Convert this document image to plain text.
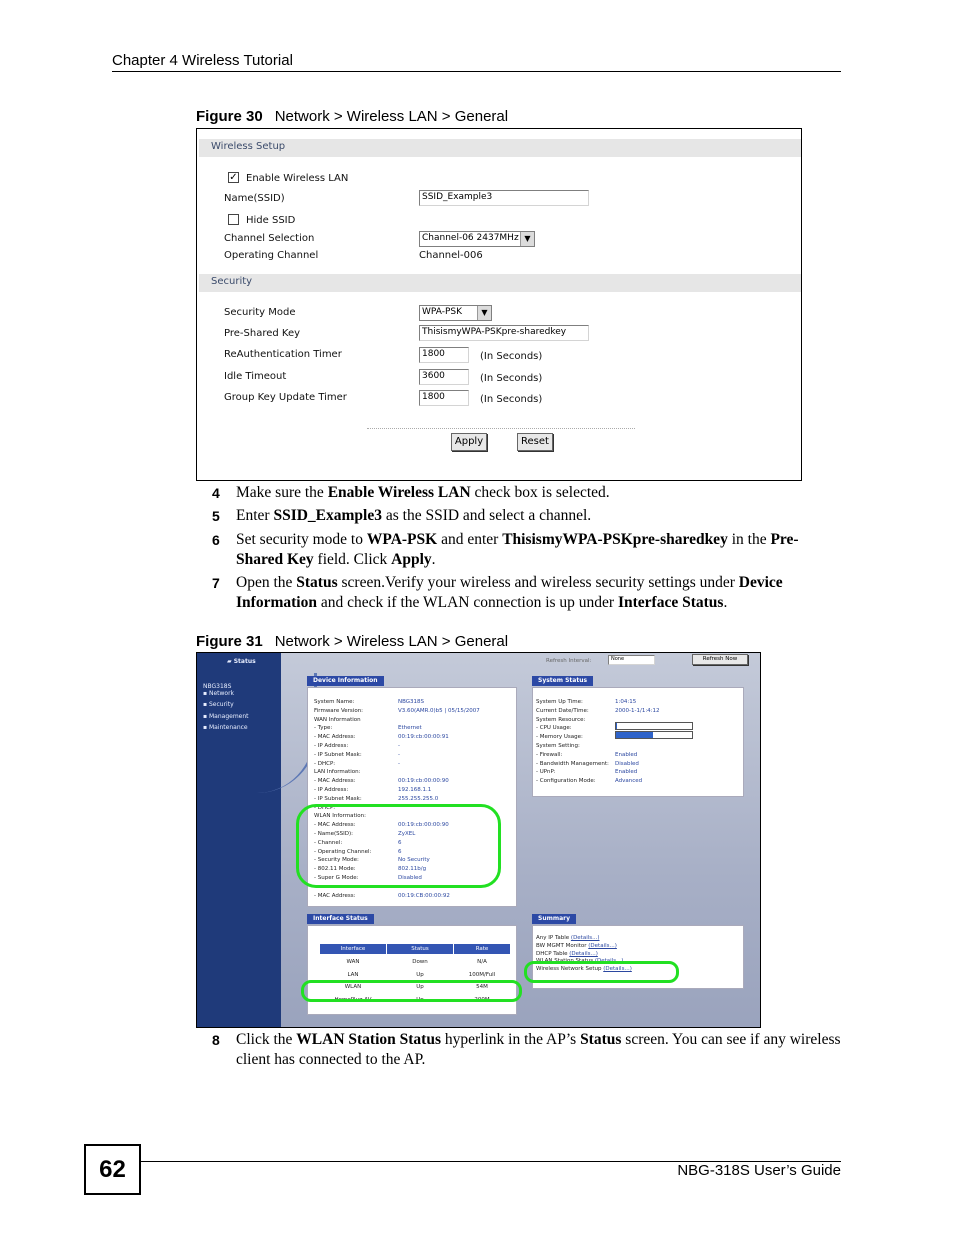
Chapter 4 Wireless Tutorial
Figure 30 Network > Wireless LAN > General
Wireless Setup
✓ Enable Wireless LAN
Name(SSID)	SSID_Example3
Hide SSID
Channel Selection	Channel-06 2437MHz ▼
Operating Channel	Channel-006
Security
Security Mode	WPA-PSK	▼
Pre-Shared Key	ThisismyWPA-PSKpre-sharedkey
ReAuthentication Timer	1800	(In Seconds)
Idle Timeout	3600	(In Seconds)
Group Key Update Timer	1800	(In Seconds)
Apply	Reset
4 Make sure the Enable Wireless LAN check box is selected.
5 Enter SSID_Example3 as the SSID and select a channel.
6 Set security mode to WPA-PSK and enter ThisismyWPA-PSKpre-sharedkey in the Pre-Shared Key field. Click Apply.
7 Open the Status screen.Verify your wireless and wireless security settings under Device Information and check if the WLAN connection is up under Interface Status.
Figure 31 Network > Wireless LAN > General
▰ Status
NBG318S
▪ Network
▪ Security
▪ Management
▪ Maintenance
Refresh Interval:	None	Refresh Now
Device Information
System Name:	NBG318S
Firmware Version:	V3.60(AMR.0)b5 | 05/15/2007
WAN Information
- Type:	Ethernet
- MAC Address:	00:19:cb:00:00:91
- IP Address:	-
- IP Subnet Mask:	-
- DHCP:	-
LAN Information:
- MAC Address:	00:19:cb:00:00:90
- IP Address:	192.168.1.1
- IP Subnet Mask:	255.255.255.0
- DHCP:
WLAN Information:
- MAC Address:	00:19:cb:00:00:90
- Name(SSID):	ZyXEL
- Channel:	6
- Operating Channel:	6
- Security Mode:	No Security
- 802.11 Mode:	802.11b/g
- Super G Mode:	Disabled
- MAC Address:	00:19:CB:00:00:92
System Status
System Up Time:	1:04:15
Current Date/Time:	2000-1-1/1:4:12
System Resource:
- CPU Usage:
- Memory Usage:
System Setting:
- Firewall:	Enabled
- Bandwidth Management: Disabled
- UPnP:	Enabled
- Configuration Mode:	Advanced
Interface Status
Interface	Status	Rate
WAN	Down	N/A
LAN	Up	100M/Full
WLAN	Up	54M
HomePlug AV	Up	200M
Summary
Any IP Table (Details...)
BW MGMT Monitor (Details...)
DHCP Table (Details...)
WLAN Station Status (Details...)
Wireless Network Setup (Details...)
8 Click the WLAN Station Status hyperlink in the AP’s Status screen. You can see if any wireless client has connected to the AP.
62	NBG-318S User’s Guide
